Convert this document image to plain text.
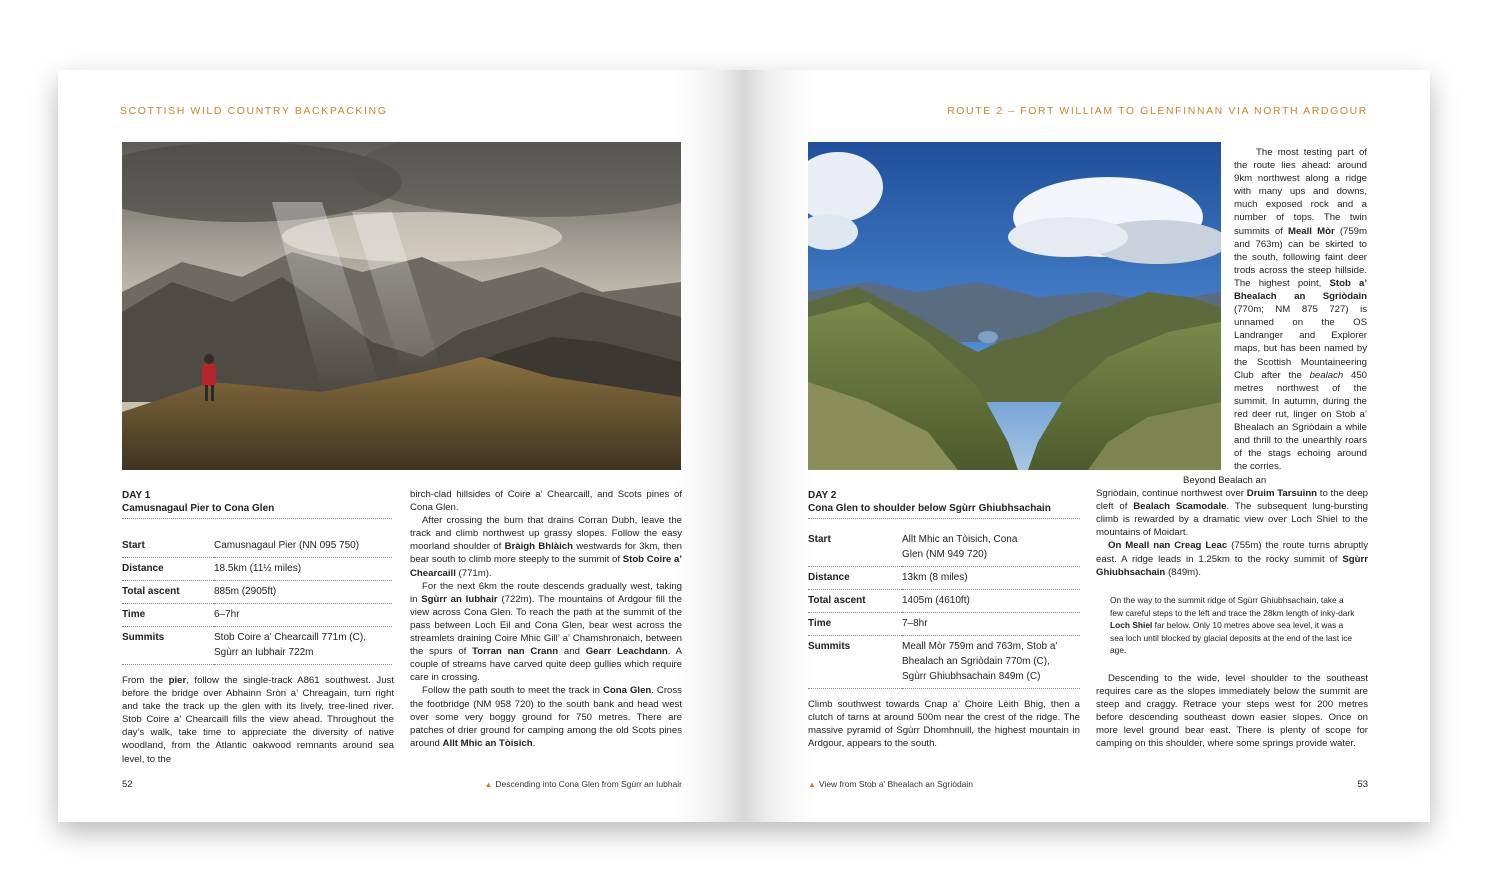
SCOTTISH WILD COUNTRY BACKPACKING

DAY 1

Camusnagaul Pier to Cona Glen

Start	Camusnagaul Pier (NN 095 750)
Distance	18.5km (11½ miles)
Total ascent	885m (2905ft)
Time	6–7hr
Summits	Stob Coire a' Chearcaill 771m (C), Sgùrr an Iubhair 722m

From the pier, follow the single-track A861 southwest. Just before the bridge over Abhainn Sròn a’ Chreagain, turn right and take the track up the glen with its lively, tree-lined river. Stob Coire a’ Chearcaill fills the view ahead. Throughout the day’s walk, take time to appreciate the diversity of native woodland, from the Atlantic oakwood remnants around sea level, to the

birch-clad hillsides of Coire a’ Chearcaill, and Scots pines of Cona Glen.

After crossing the burn that drains Corran Dubh, leave the track and climb northwest up grassy slopes. Follow the easy moorland shoulder of Bràigh Bhlàich westwards for 3km, then bear south to climb more steeply to the summit of Stob Coire a’ Chearcaill (771m).

For the next 6km the route descends gradually west, taking in Sgùrr an Iubhair (722m). The mountains of Ardgour fill the view across Cona Glen. To reach the path at the summit of the pass between Loch Eil and Cona Glen, bear west across the streamlets draining Coire Mhic Gill’ a’ Chamshronaich, between the spurs of Torran nan Crann and Gearr Leachdann. A couple of streams have carved quite deep gullies which require care in crossing.

Follow the path south to meet the track in Cona Glen. Cross the footbridge (NM 958 720) to the south bank and head west over some very boggy ground for 750 metres. There are patches of drier ground for camping among the old Scots pines around Allt Mhic an Tòisich.

52	▲ Descending into Cona Glen from Sgùrr an Iubhair
ROUTE 2 – FORT WILLIAM TO GLENFINNAN VIA NORTH ARDGOUR

The most testing part of the route lies ahead: around 9km northwest along a ridge with many ups and downs, much exposed rock and a number of tops. The twin summits of Meall Mòr (759m and 763m) can be skirted to the south, following faint deer trods across the steep hillside. The highest point, Stob a’ Bhealach an Sgriòdain (770m; NM 875 727) is unnamed on the OS Landranger and Explorer maps, but has been named by the Scottish Mountaineering Club after the bealach 450 metres northwest of the summit. In autumn, during the red deer rut, linger on Stob a’ Bhealach an Sgriòdain a while and thrill to the unearthly roars of the stags echoing around the corries.

Beyond Bealach an

Sgriòdain, continue northwest over Druim Tarsuinn to the deep cleft of Bealach Scamodale. The subsequent lung-bursting climb is rewarded by a dramatic view over Loch Shiel to the mountains of Moidart.

On Meall nan Creag Leac (755m) the route turns abruptly east. A ridge leads in 1.25km to the rocky summit of Sgùrr Ghiubhsachain (849m).

On the way to the summit ridge of Sgùrr Ghiubhsachain, take a few careful steps to the left and trace the 28km length of inky-dark Loch Shiel far below. Only 10 metres above sea level, it was a sea loch until blocked by glacial deposits at the end of the last ice age.

Descending to the wide, level shoulder to the southeast requires care as the slopes immediately below the summit are steep and craggy. Retrace your steps west for 200 metres before descending southeast down easier slopes. Once on more level ground bear east. There is plenty of scope for camping on this shoulder, where some springs provide water.

DAY 2

Cona Glen to shoulder below Sgùrr Ghiubhsachain

Start	Allt Mhic an Tòisich, Cona Glen (NM 949 720)
Distance	13km (8 miles)
Total ascent	1405m (4610ft)
Time	7–8hr
Summits	Meall Mòr 759m and 763m, Stob a' Bhealach an Sgriòdain 770m (C), Sgùrr Ghiubhsachain 849m (C)

Climb southwest towards Cnap a’ Choire Lèith Bhig, then a clutch of tarns at around 500m near the crest of the ridge. The massive pyramid of Sgùrr Dhomhnuill, the highest mountain in Ardgour, appears to the south.

▲ View from Stob a' Bhealach an Sgriòdain	53
